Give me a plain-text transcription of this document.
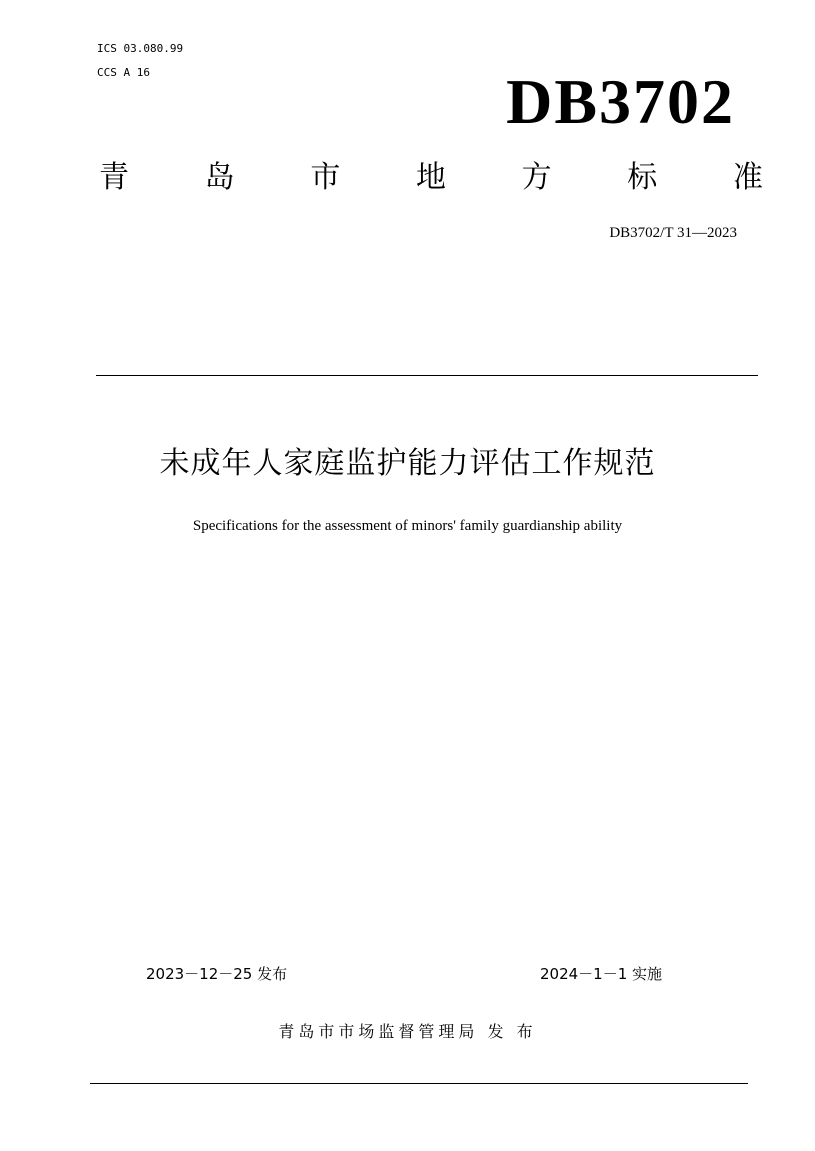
ICS 03.080.99
CCS A 16	DB3702
青	岛	市	地	方	标	准
DB3702/T 31—2023
未成年人家庭监护能力评估工作规范
Specifications for the assessment of minors' family guardianship ability
2023－12－25 发布	2024－1－1 实施
青岛市市场监督管理局 发 布
